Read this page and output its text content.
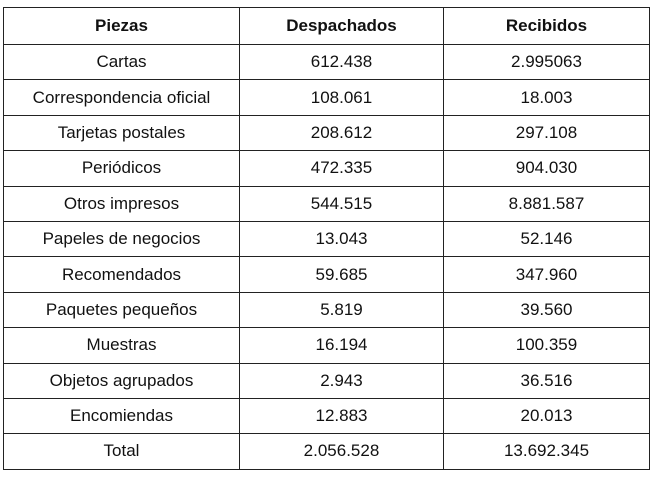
Piezas	Despachados	Recibidos
Cartas	612.438	2.995063
Correspondencia oficial	108.061	18.003
Tarjetas postales	208.612	297.108
Periódicos	472.335	904.030
Otros impresos	544.515	8.881.587
Papeles de negocios	13.043	52.146
Recomendados	59.685	347.960
Paquetes pequeños	5.819	39.560
Muestras	16.194	100.359
Objetos agrupados	2.943	36.516
Encomiendas	12.883	20.013
Total	2.056.528	13.692.345
